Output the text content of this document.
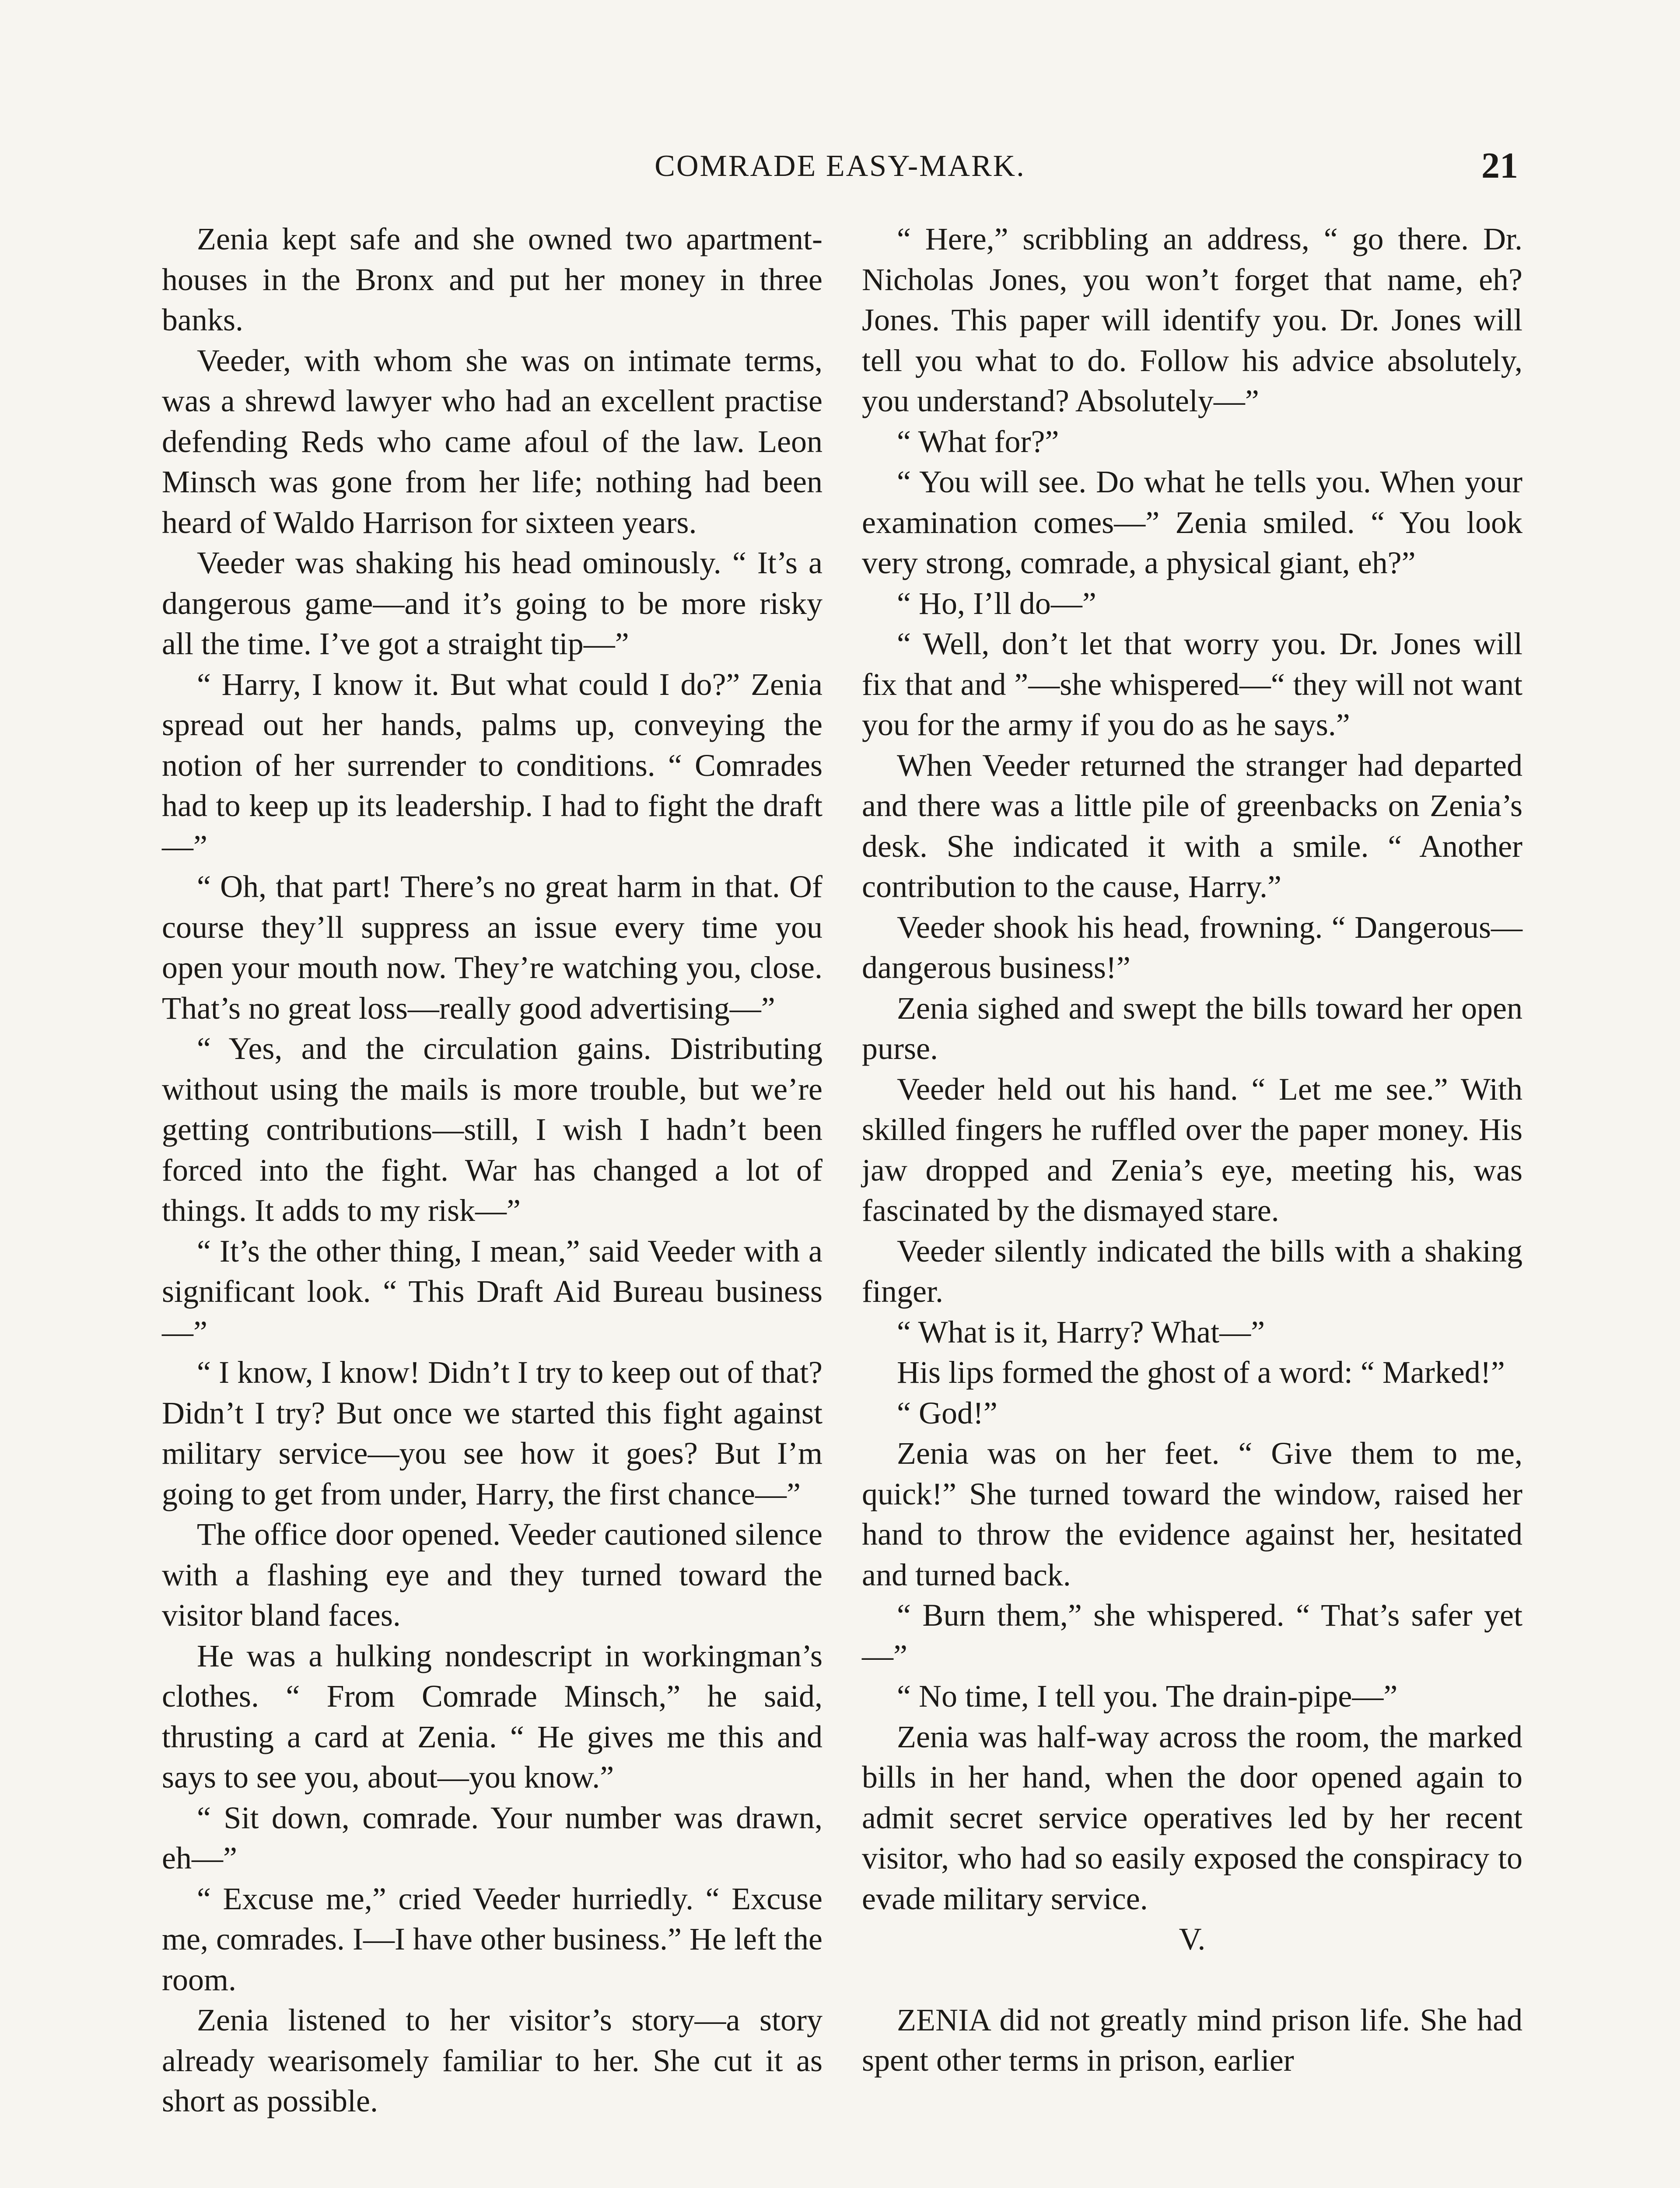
COMRADE EASY-MARK.	21

Zenia kept safe and she owned two apartment-houses in the Bronx and put her money in three banks.

Veeder, with whom she was on intimate terms, was a shrewd lawyer who had an excellent practise defending Reds who came afoul of the law. Leon Minsch was gone from her life; nothing had been heard of Waldo Harrison for sixteen years.

Veeder was shaking his head ominously. “ It’s a dangerous game—and it’s going to be more risky all the time. I’ve got a straight tip—”

“ Harry, I know it. But what could I do?” Zenia spread out her hands, palms up, conveying the notion of her surrender to conditions. “ Comrades had to keep up its leadership. I had to fight the draft—”

“ Oh, that part! There’s no great harm in that. Of course they’ll suppress an issue every time you open your mouth now. They’re watching you, close. That’s no great loss—really good advertising—”

“ Yes, and the circulation gains. Distributing without using the mails is more trouble, but we’re getting contributions—still, I wish I hadn’t been forced into the fight. War has changed a lot of things. It adds to my risk—”

“ It’s the other thing, I mean,” said Veeder with a significant look. “ This Draft Aid Bureau business—”

“ I know, I know! Didn’t I try to keep out of that? Didn’t I try? But once we started this fight against military service—you see how it goes? But I’m going to get from under, Harry, the first chance—”

The office door opened. Veeder cautioned silence with a flashing eye and they turned toward the visitor bland faces.

He was a hulking nondescript in workingman’s clothes. “ From Comrade Minsch,” he said, thrusting a card at Zenia. “ He gives me this and says to see you, about—you know.”

“ Sit down, comrade. Your number was drawn, eh—”

“ Excuse me,” cried Veeder hurriedly. “ Excuse me, comrades. I—I have other business.” He left the room.

Zenia listened to her visitor’s story—a story already wearisomely familiar to her. She cut it as short as possible.

“ Here,” scribbling an address, “ go there. Dr. Nicholas Jones, you won’t forget that name, eh? Jones. This paper will identify you. Dr. Jones will tell you what to do. Follow his advice absolutely, you understand? Absolutely—”

“ What for?”

“ You will see. Do what he tells you. When your examination comes—” Zenia smiled. “ You look very strong, comrade, a physical giant, eh?”

“ Ho, I’ll do—”

“ Well, don’t let that worry you. Dr. Jones will fix that and ”—she whispered—“ they will not want you for the army if you do as he says.”

When Veeder returned the stranger had departed and there was a little pile of greenbacks on Zenia’s desk. She indicated it with a smile. “ Another contribution to the cause, Harry.”

Veeder shook his head, frowning. “ Dangerous—dangerous business!”

Zenia sighed and swept the bills toward her open purse.

Veeder held out his hand. “ Let me see.” With skilled fingers he ruffled over the paper money. His jaw dropped and Zenia’s eye, meeting his, was fascinated by the dismayed stare.

Veeder silently indicated the bills with a shaking finger.

“ What is it, Harry? What—”

His lips formed the ghost of a word: “ Marked!”

“ God!”

Zenia was on her feet. “ Give them to me, quick!” She turned toward the window, raised her hand to throw the evidence against her, hesitated and turned back.

“ Burn them,” she whispered. “ That’s safer yet—”

“ No time, I tell you. The drain-pipe—”

Zenia was half-way across the room, the marked bills in her hand, when the door opened again to admit secret service operatives led by her recent visitor, who had so easily exposed the conspiracy to evade military service.

V.

ZENIA did not greatly mind prison life. She had spent other terms in prison, earlier
